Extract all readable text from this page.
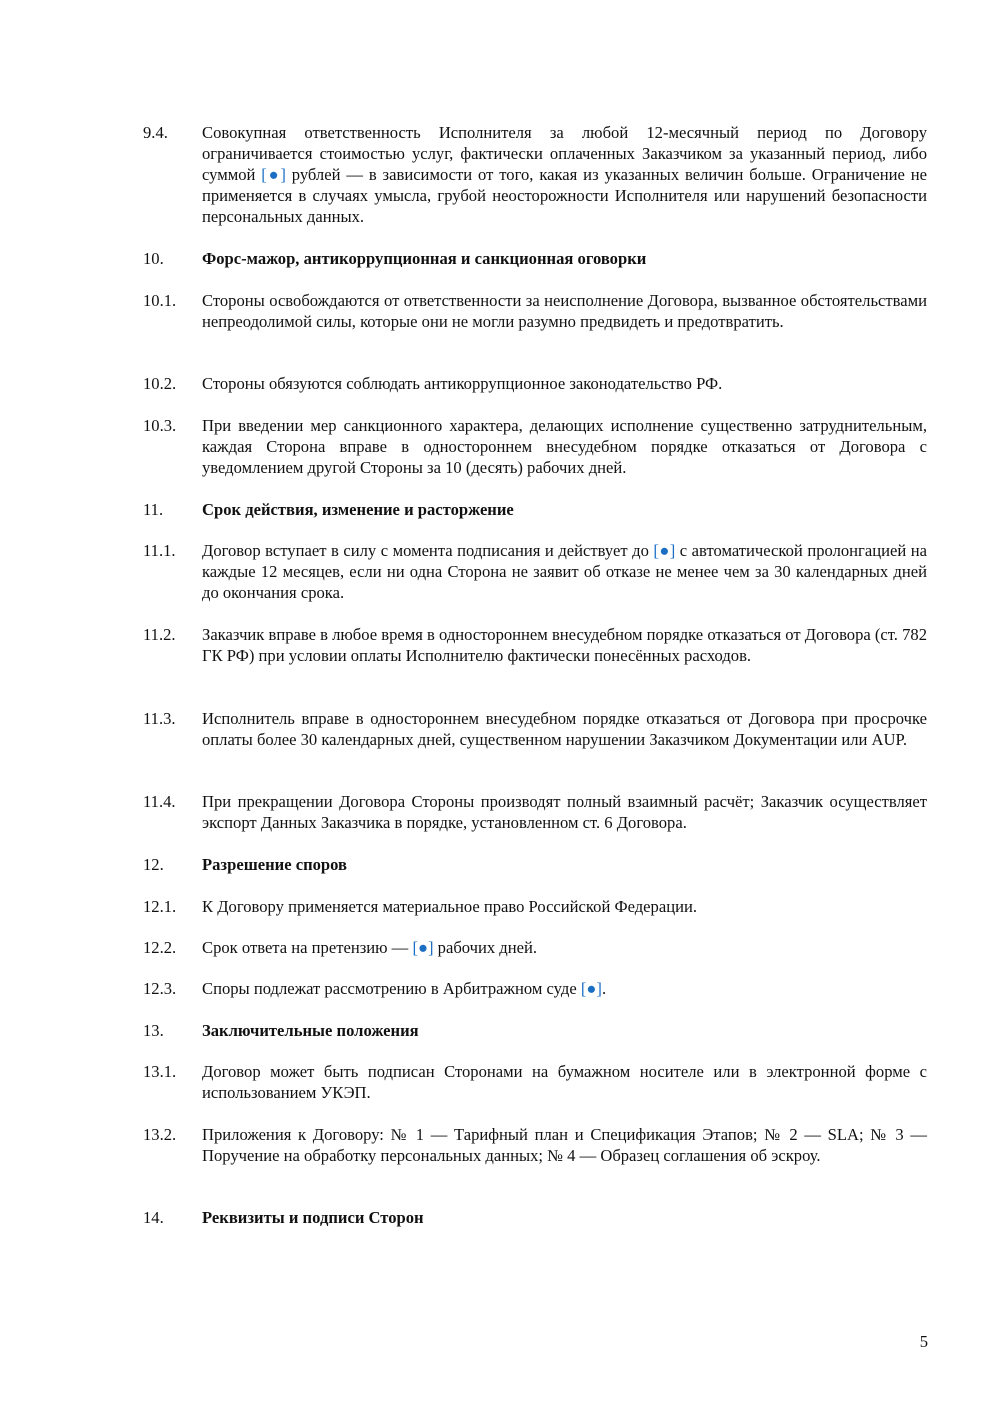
9.4.	Совокупная ответственность Исполнителя за любой 12-месячный период по Договору ограничивается стоимостью услуг, фактически оплаченных Заказчиком за указанный период, либо суммой [●] рублей — в зависимости от того, какая из указанных величин больше. Ограничение не применяется в случаях умысла, грубой неосторожности Исполнителя или нарушений безопасности персональных данных.
10.	Форс-мажор, антикоррупционная и санкционная оговорки
10.1.	Стороны освобождаются от ответственности за неисполнение Договора, вызванное обстоятельствами непреодолимой силы, которые они не могли разумно предвидеть и предотвратить.
10.2.	Стороны обязуются соблюдать антикоррупционное законодательство РФ.
10.3.	При введении мер санкционного характера, делающих исполнение существенно затруднительным, каждая Сторона вправе в одностороннем внесудебном порядке отказаться от Договора с уведомлением другой Стороны за 10 (десять) рабочих дней.
11.	Срок действия, изменение и расторжение
11.1.	Договор вступает в силу с момента подписания и действует до [●] с автоматической пролонгацией на каждые 12 месяцев, если ни одна Сторона не заявит об отказе не менее чем за 30 календарных дней до окончания срока.
11.2.	Заказчик вправе в любое время в одностороннем внесудебном порядке отказаться от Договора (ст. 782 ГК РФ) при условии оплаты Исполнителю фактически понесённых расходов.
11.3.	Исполнитель вправе в одностороннем внесудебном порядке отказаться от Договора при просрочке оплаты более 30 календарных дней, существенном нарушении Заказчиком Документации или AUP.
11.4.	При прекращении Договора Стороны производят полный взаимный расчёт; Заказчик осуществляет экспорт Данных Заказчика в порядке, установленном ст. 6 Договора.
12.	Разрешение споров
12.1.	К Договору применяется материальное право Российской Федерации.
12.2.	Срок ответа на претензию — [●] рабочих дней.
12.3.	Споры подлежат рассмотрению в Арбитражном суде [●].
13.	Заключительные положения
13.1.	Договор может быть подписан Сторонами на бумажном носителе или в электронной форме с использованием УКЭП.
13.2.	Приложения к Договору: № 1 — Тарифный план и Спецификация Этапов; № 2 — SLA; № 3 — Поручение на обработку персональных данных; № 4 — Образец соглашения об эскроу.
14.	Реквизиты и подписи Сторон
5
